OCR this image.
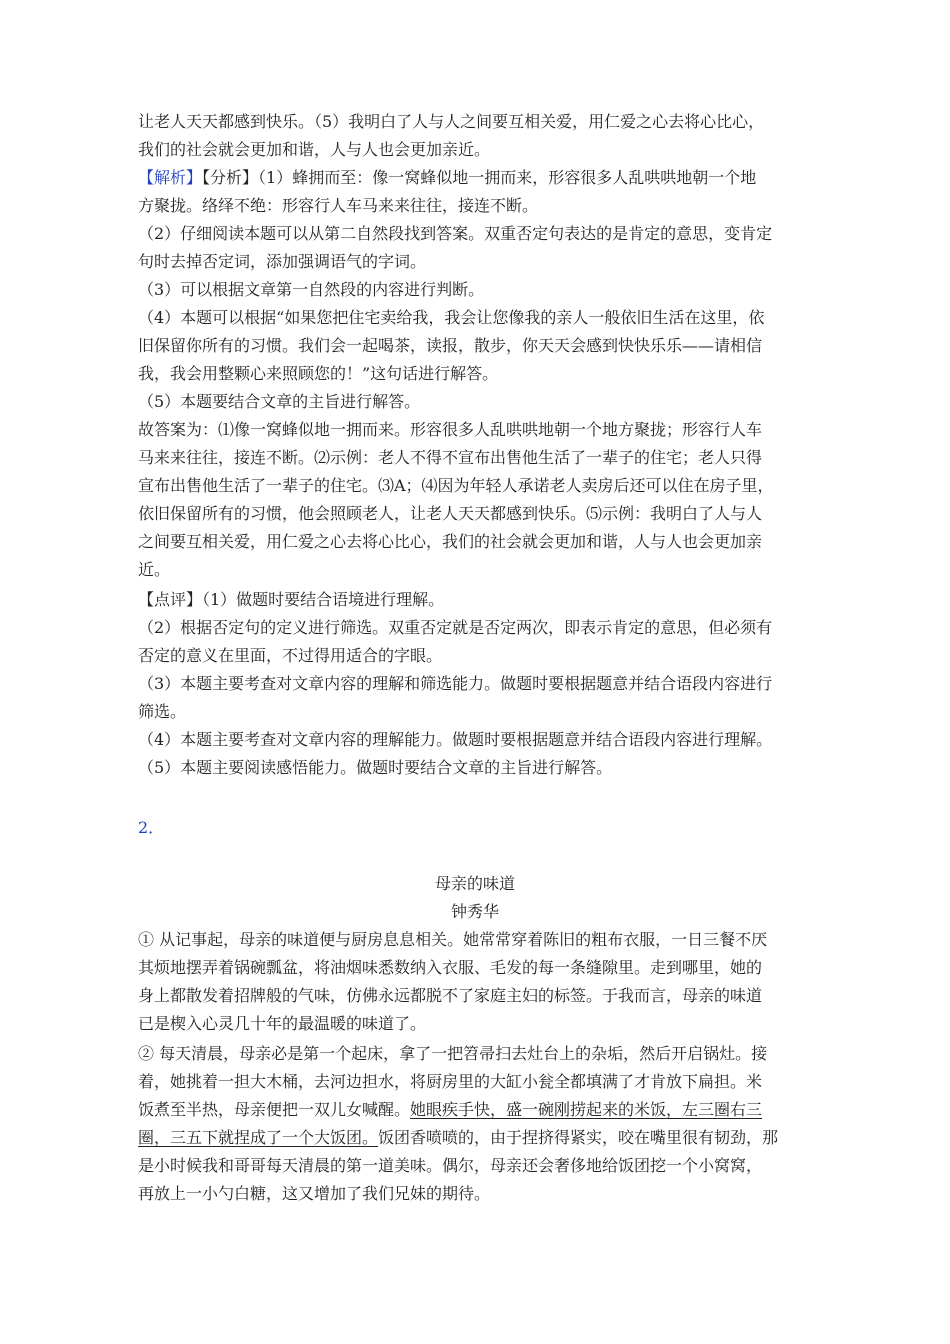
让老人天天都感到快乐。（5）我明白了人与人之间要互相关爱，用仁爱之心去将心比心，
我们的社会就会更加和谐，人与人也会更加亲近。
【解析】【分析】（1）蜂拥而至：像一窝蜂似地一拥而来，形容很多人乱哄哄地朝一个地
方聚拢。络绎不绝：形容行人车马来来往往，接连不断。
（2）仔细阅读本题可以从第二自然段找到答案。双重否定句表达的是肯定的意思，变肯定
句时去掉否定词，添加强调语气的字词。
（3）可以根据文章第一自然段的内容进行判断。
（4）本题可以根据“如果您把住宅卖给我，我会让您像我的亲人一般依旧生活在这里，依
旧保留你所有的习惯。我们会一起喝茶，读报，散步，你天天会感到快快乐乐——请相信
我，我会用整颗心来照顾您的！”这句话进行解答。
（5）本题要结合文章的主旨进行解答。
故答案为：⑴像一窝蜂似地一拥而来。形容很多人乱哄哄地朝一个地方聚拢；形容行人车
马来来往往，接连不断。⑵示例：老人不得不宣布出售他生活了一辈子的住宅；老人只得
宣布出售他生活了一辈子的住宅。⑶A；⑷因为年轻人承诺老人卖房后还可以住在房子里，
依旧保留所有的习惯，他会照顾老人，让老人天天都感到快乐。⑸示例：我明白了人与人
之间要互相关爱，用仁爱之心去将心比心，我们的社会就会更加和谐，人与人也会更加亲
近。
【点评】（1）做题时要结合语境进行理解。
（2）根据否定句的定义进行筛选。双重否定就是否定两次，即表示肯定的意思，但必须有
否定的意义在里面，不过得用适合的字眼。
（3）本题主要考查对文章内容的理解和筛选能力。做题时要根据题意并结合语段内容进行
筛选。
（4）本题主要考查对文章内容的理解能力。做题时要根据题意并结合语段内容进行理解。
（5）本题主要阅读感悟能力。做题时要结合文章的主旨进行解答。
2．
母亲的味道
钟秀华
① 从记事起，母亲的味道便与厨房息息相关。她常常穿着陈旧的粗布衣服，一日三餐不厌
其烦地摆弄着锅碗瓢盆，将油烟味悉数纳入衣服、毛发的每一条缝隙里。走到哪里，她的
身上都散发着招牌般的气味，仿佛永远都脱不了家庭主妇的标签。于我而言，母亲的味道
已是楔入心灵几十年的最温暖的味道了。
② 每天清晨，母亲必是第一个起床，拿了一把笤帚扫去灶台上的杂垢，然后开启锅灶。接
着，她挑着一担大木桶，去河边担水，将厨房里的大缸小瓮全都填满了才肯放下扁担。米
饭煮至半热，母亲便把一双儿女喊醒。她眼疾手快，盛一碗刚捞起来的米饭，左三圈右三
圈，三五下就捏成了一个大饭团。饭团香喷喷的，由于捏挤得紧实，咬在嘴里很有韧劲，那
是小时候我和哥哥每天清晨的第一道美味。偶尔，母亲还会奢侈地给饭团挖一个小窝窝，
再放上一小勺白糖，这又增加了我们兄妹的期待。
